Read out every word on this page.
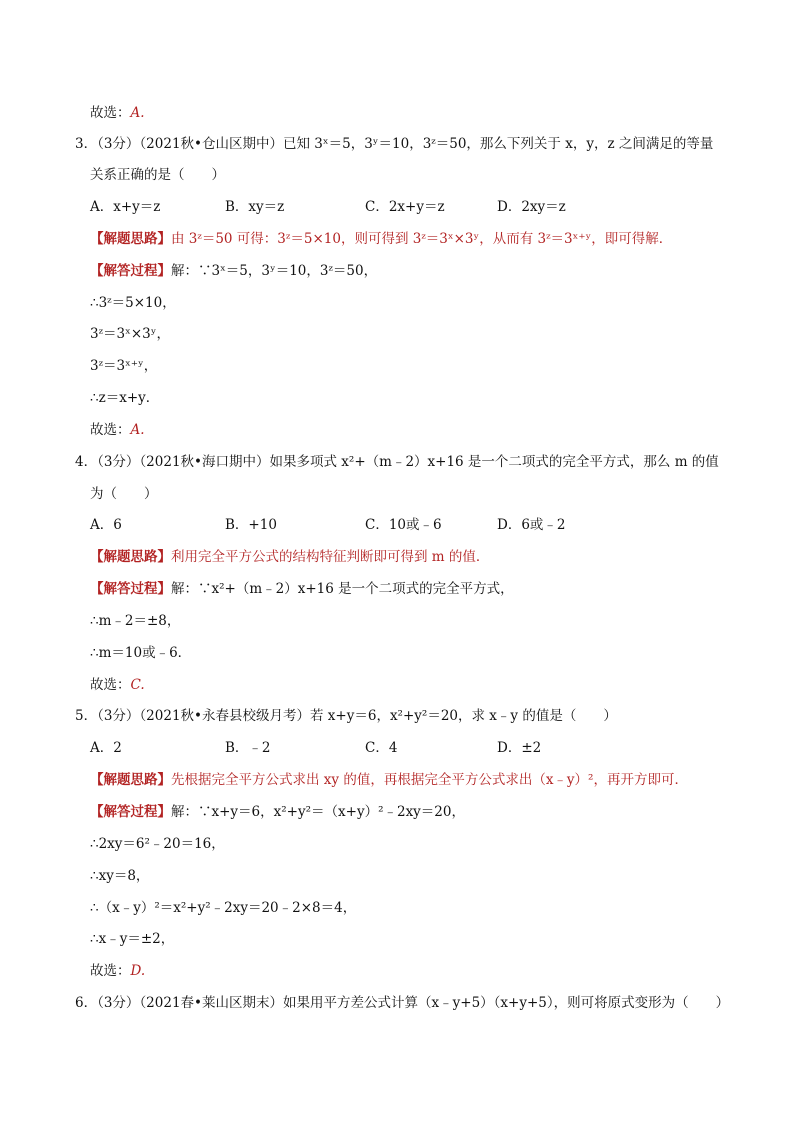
故选：A.
3．（3分）（2021秋•仓山区期中）已知 3ˣ＝5，3ʸ＝10，3ᶻ＝50，那么下列关于 x，y，z 之间满足的等量
关系正确的是（　　）
A．x+y＝z	B．xy＝z	C．2x+y＝z	D．2xy＝z
【解题思路】由 3ᶻ＝50 可得：3ᶻ＝5×10，则可得到 3ᶻ＝3ˣ×3ʸ，从而有 3ᶻ＝3ˣ⁺ʸ，即可得解．
【解答过程】解：∵3ˣ＝5，3ʸ＝10，3ᶻ＝50，
∴3ᶻ＝5×10，
3ᶻ＝3ˣ×3ʸ，
3ᶻ＝3ˣ⁺ʸ，
∴z＝x+y．
故选：A.
4．（3分）（2021秋•海口期中）如果多项式 x²+（m﹣2）x+16 是一个二项式的完全平方式，那么 m 的值
为（　　）
A．6	B．+10	C．10或﹣6	D．6或﹣2
【解题思路】利用完全平方公式的结构特征判断即可得到 m 的值．
【解答过程】解：∵x²+（m﹣2）x+16 是一个二项式的完全平方式，
∴m﹣2＝±8，
∴m＝10或﹣6．
故选：C.
5．（3分）（2021秋•永春县校级月考）若 x+y＝6，x²+y²＝20，求 x﹣y 的值是（　　）
A．2	B．﹣2	C．4	D．±2
【解题思路】先根据完全平方公式求出 xy 的值，再根据完全平方公式求出（x﹣y）²，再开方即可．
【解答过程】解：∵x+y＝6，x²+y²＝（x+y）²﹣2xy＝20，
∴2xy＝6²﹣20＝16，
∴xy＝8，
∴（x﹣y）²＝x²+y²﹣2xy＝20﹣2×8＝4，
∴x﹣y＝±2，
故选：D.
6．（3分）（2021春•莱山区期末）如果用平方差公式计算（x﹣y+5）（x+y+5），则可将原式变形为（　　）
